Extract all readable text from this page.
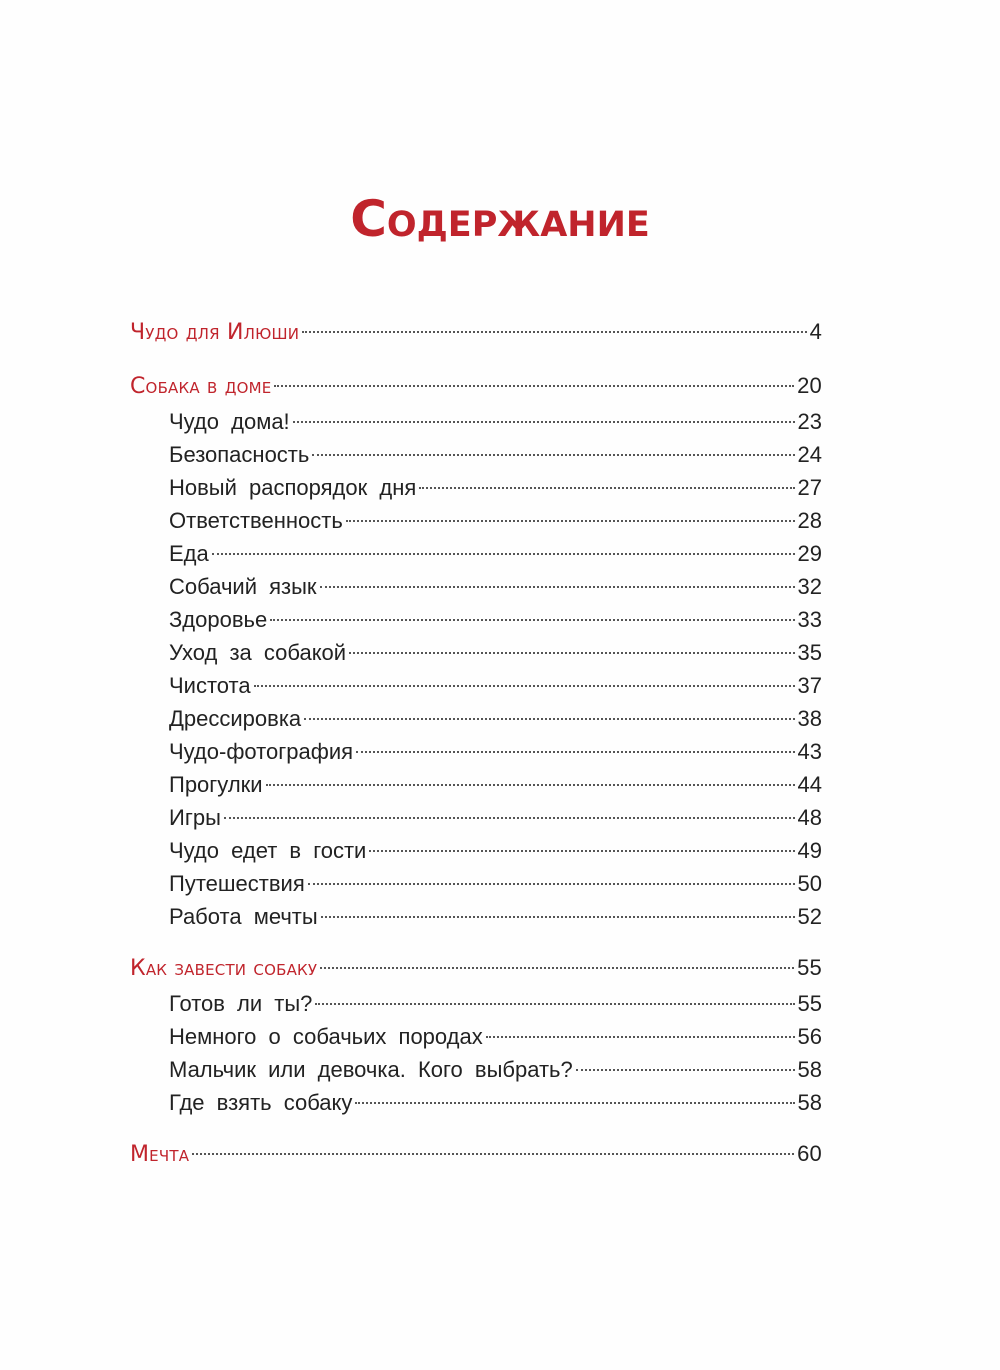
Содержание
Чудо для Илюши	4
Собака в доме	20
Чудо дома!	23
Безопасность	24
Новый распорядок дня	27
Ответственность	28
Еда	29
Собачий язык	32
Здоровье	33
Уход за собакой	35
Чистота	37
Дрессировка	38
Чудо-фотография	43
Прогулки	44
Игры	48
Чудо едет в гости	49
Путешествия	50
Работа мечты	52
Как завести собаку	55
Готов ли ты?	55
Немного о собачьих породах	56
Мальчик или девочка. Кого выбрать?	58
Где взять собаку	58
Мечта	60
